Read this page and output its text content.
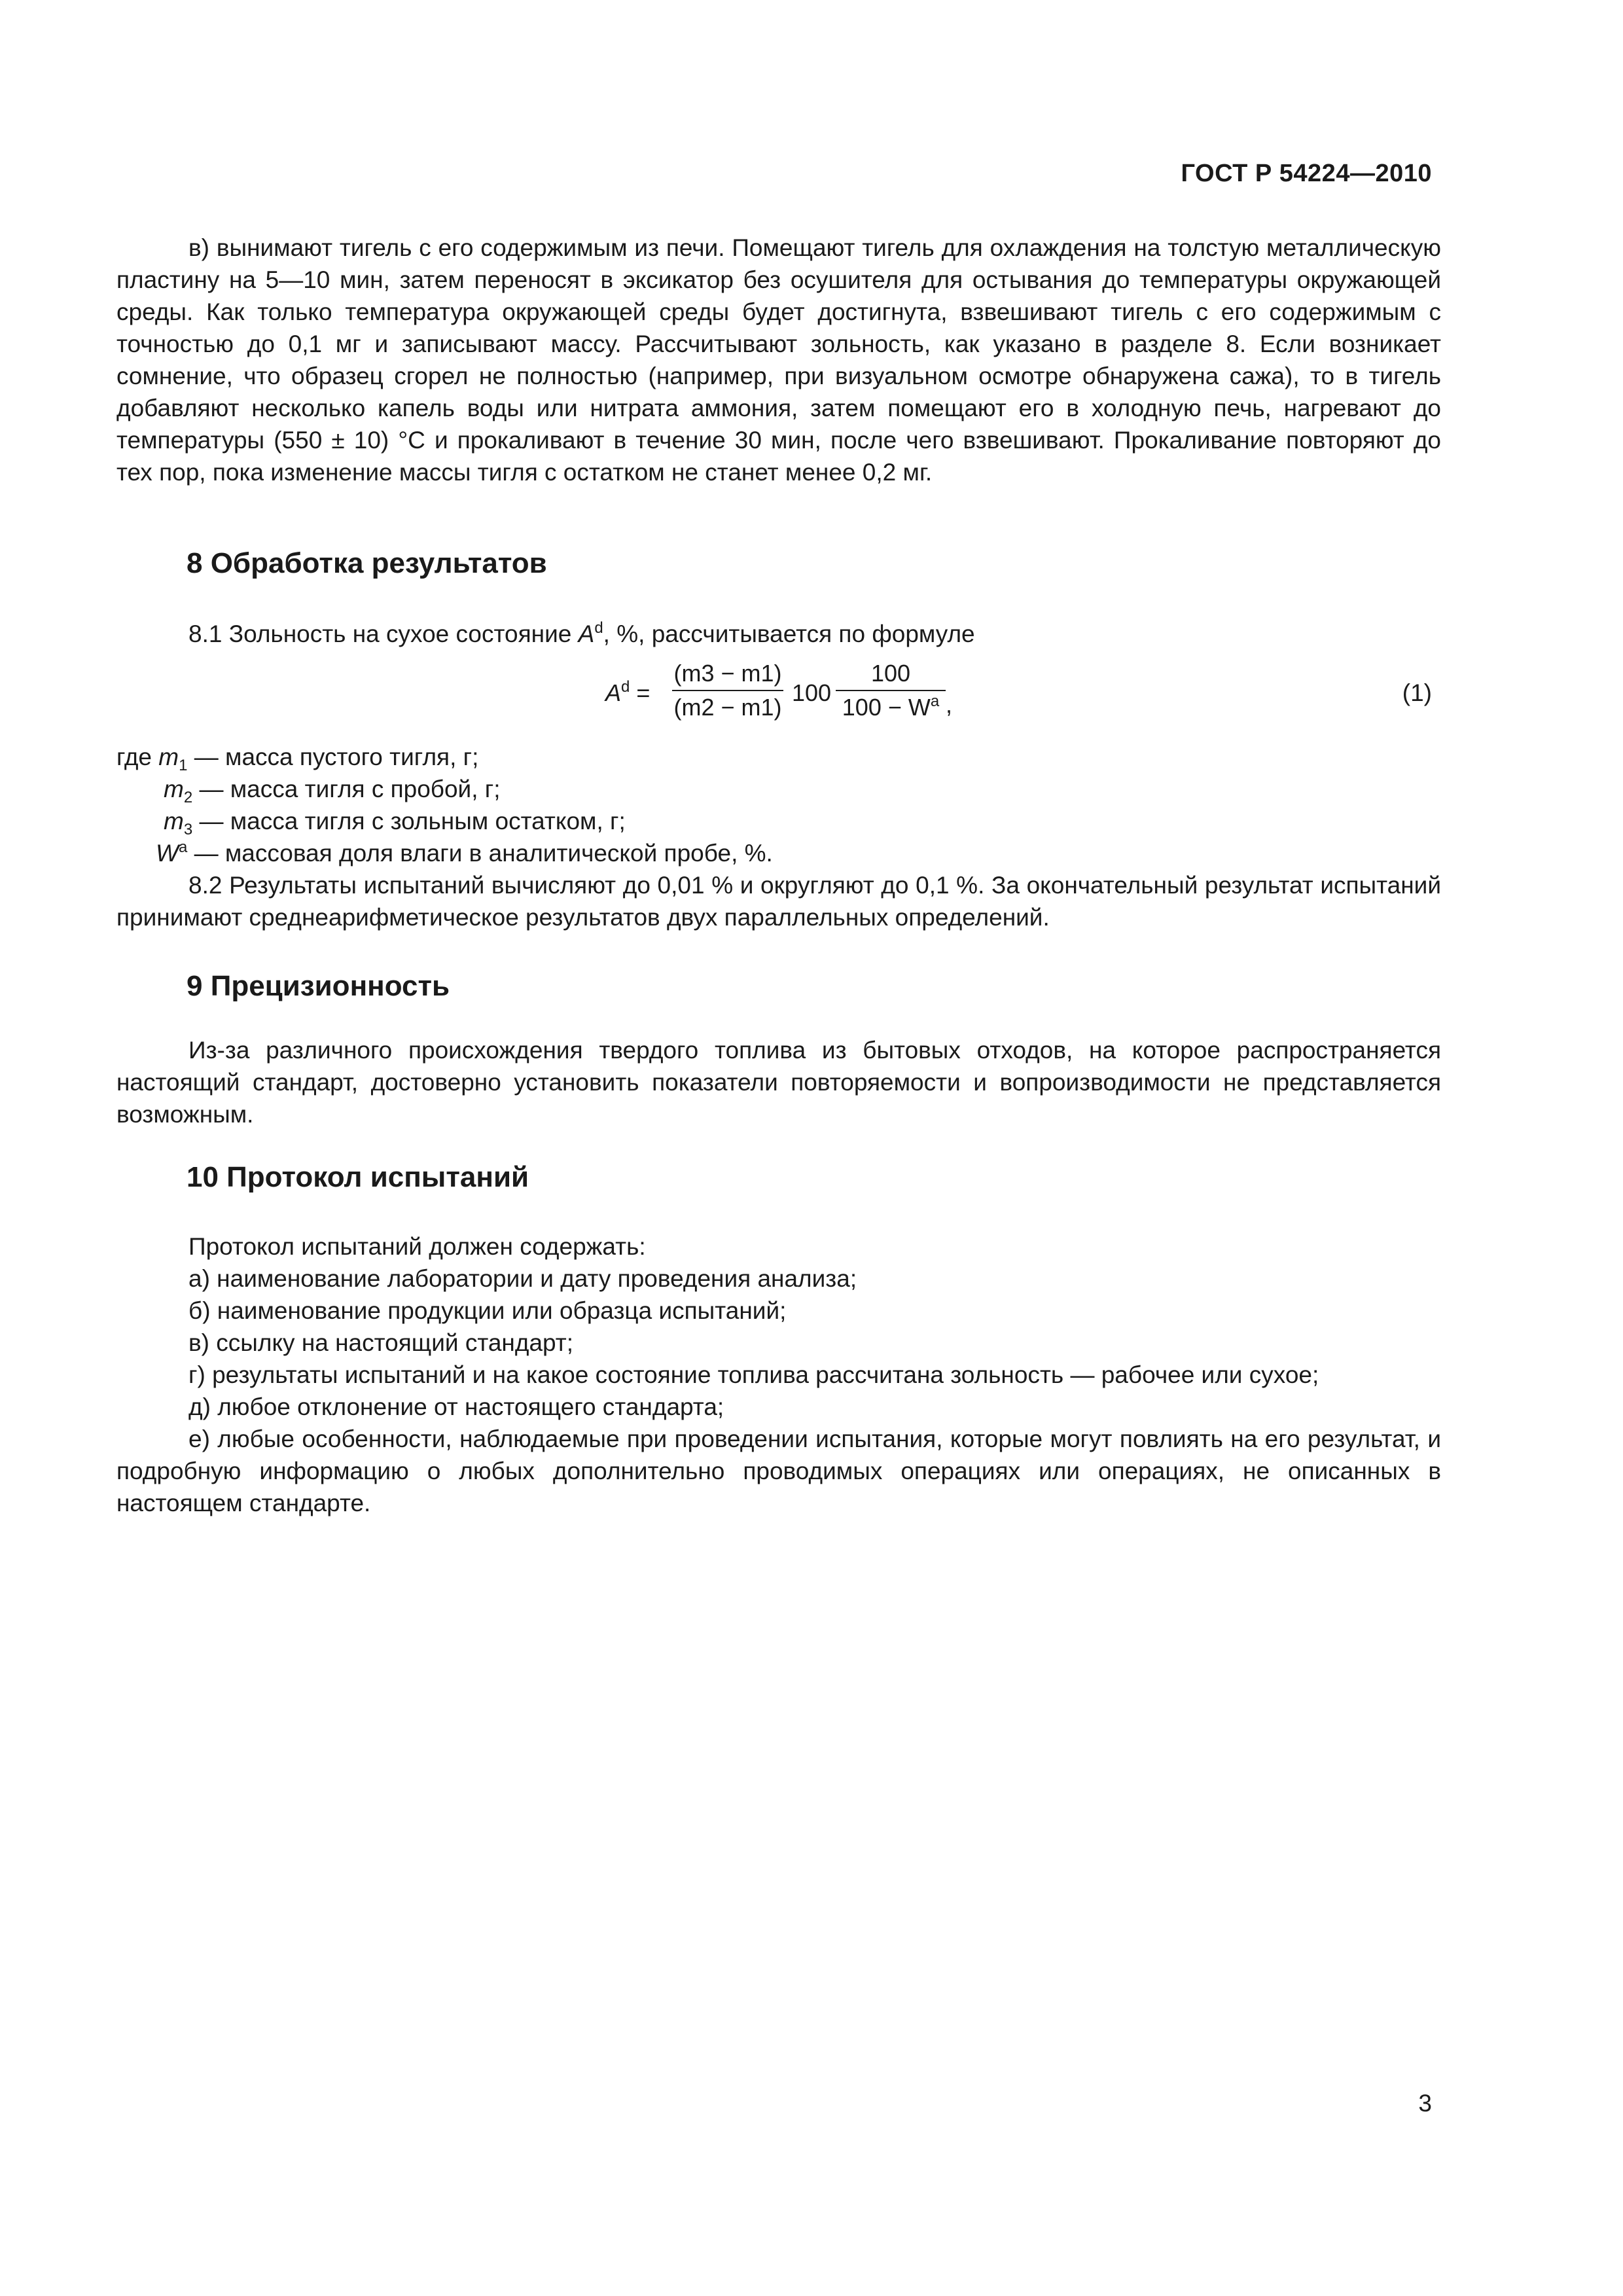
ГОСТ Р 54224—2010

в) вынимают тигель с его содержимым из печи. Помещают тигель для охлаждения на толстую металлическую пластину на 5—10 мин, затем переносят в эксикатор без осушителя для остывания до температуры окружающей среды. Как только температура окружающей среды будет достигнута, взвешивают тигель с его содержимым с точностью до 0,1 мг и записывают массу. Рассчитывают зольность, как указано в разделе 8. Если возникает сомнение, что образец сгорел не полностью (например, при визуальном осмотре обнаружена сажа), то в тигель добавляют несколько капель воды или нитрата аммония, затем помещают его в холодную печь, нагревают до температуры (550 ± 10) °С и прокаливают в течение 30 мин, после чего взвешивают. Прокаливание повторяют до тех пор, пока изменение массы тигля с остатком не станет менее 0,2 мг.

8 Обработка результатов

8.1 Зольность на сухое состояние $A^d$, %, рассчитывается по формуле

$A^d$ =
(m3 − m1)
(m2 − m1)
100
100
$100 - W^a$ ,	(1)
где $m_1$ — масса пустого тигля, г;
$m_2$ — масса тигля с пробой, г;
$m_3$ — масса тигля с зольным остатком, г;
$W^a$ — массовая доля влаги в аналитической пробе, %.

8.2 Результаты испытаний вычисляют до 0,01 % и округляют до 0,1 %. За окончательный результат испытаний принимают среднеарифметическое результатов двух параллельных определений.

9 Прецизионность

Из-за различного происхождения твердого топлива из бытовых отходов, на которое распространяется настоящий стандарт, достоверно установить показатели повторяемости и вопроизводимости не представляется возможным.

10 Протокол испытаний

Протокол испытаний должен содержать:

а) наименование лаборатории и дату проведения анализа;

б) наименование продукции или образца испытаний;

в) ссылку на настоящий стандарт;

г) результаты испытаний и на какое состояние топлива рассчитана зольность — рабочее или сухое;

д) любое отклонение от настоящего стандарта;

е) любые особенности, наблюдаемые при проведении испытания, которые могут повлиять на его результат, и подробную информацию о любых дополнительно проводимых операциях или операциях, не описанных в настоящем стандарте.

3
